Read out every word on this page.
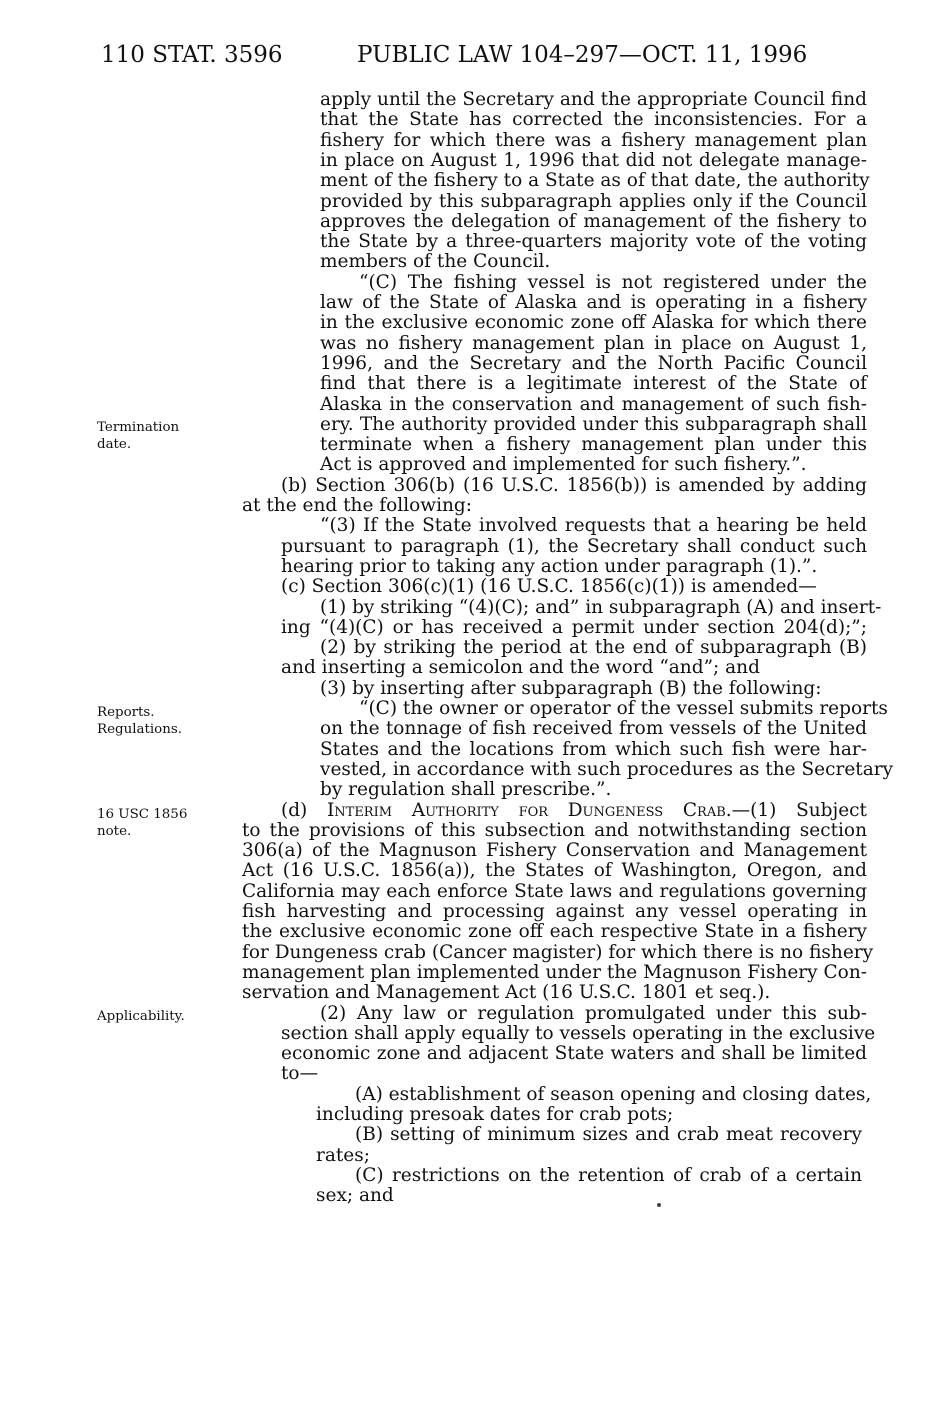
110 STAT. 3596	PUBLIC LAW 104–297—OCT. 11, 1996
Termination
date.
Reports.
Regulations.
16 USC 1856
note.
Applicability.
apply until the Secretary and the appropriate Council find
that the State has corrected the inconsistencies. For a
fishery for which there was a fishery management plan
in place on August 1, 1996 that did not delegate manage-
ment of the fishery to a State as of that date, the authority
provided by this subparagraph applies only if the Council
approves the delegation of management of the fishery to
the State by a three-quarters majority vote of the voting
members of the Council.
“(C) The fishing vessel is not registered under the
law of the State of Alaska and is operating in a fishery
in the exclusive economic zone off Alaska for which there
was no fishery management plan in place on August 1,
1996, and the Secretary and the North Pacific Council
find that there is a legitimate interest of the State of
Alaska in the conservation and management of such fish-
ery. The authority provided under this subparagraph shall
terminate when a fishery management plan under this
Act is approved and implemented for such fishery.”.
(b) Section 306(b) (16 U.S.C. 1856(b)) is amended by adding
at the end the following:
“(3) If the State involved requests that a hearing be held
pursuant to paragraph (1), the Secretary shall conduct such
hearing prior to taking any action under paragraph (1).”.
(c) Section 306(c)(1) (16 U.S.C. 1856(c)(1)) is amended—
(1) by striking “(4)(C); and” in subparagraph (A) and insert-
ing “(4)(C) or has received a permit under section 204(d);”;
(2) by striking the period at the end of subparagraph (B)
and inserting a semicolon and the word “and”; and
(3) by inserting after subparagraph (B) the following:
“(C) the owner or operator of the vessel submits reports
on the tonnage of fish received from vessels of the United
States and the locations from which such fish were har-
vested, in accordance with such procedures as the Secretary
by regulation shall prescribe.”.
(d) Interim Authority for Dungeness Crab.—(1) Subject
to the provisions of this subsection and notwithstanding section
306(a) of the Magnuson Fishery Conservation and Management
Act (16 U.S.C. 1856(a)), the States of Washington, Oregon, and
California may each enforce State laws and regulations governing
fish harvesting and processing against any vessel operating in
the exclusive economic zone off each respective State in a fishery
for Dungeness crab (Cancer magister) for which there is no fishery
management plan implemented under the Magnuson Fishery Con-
servation and Management Act (16 U.S.C. 1801 et seq.).
(2) Any law or regulation promulgated under this sub-
section shall apply equally to vessels operating in the exclusive
economic zone and adjacent State waters and shall be limited
to—
(A) establishment of season opening and closing dates,
including presoak dates for crab pots;
(B) setting of minimum sizes and crab meat recovery
rates;
(C) restrictions on the retention of crab of a certain
sex; and
